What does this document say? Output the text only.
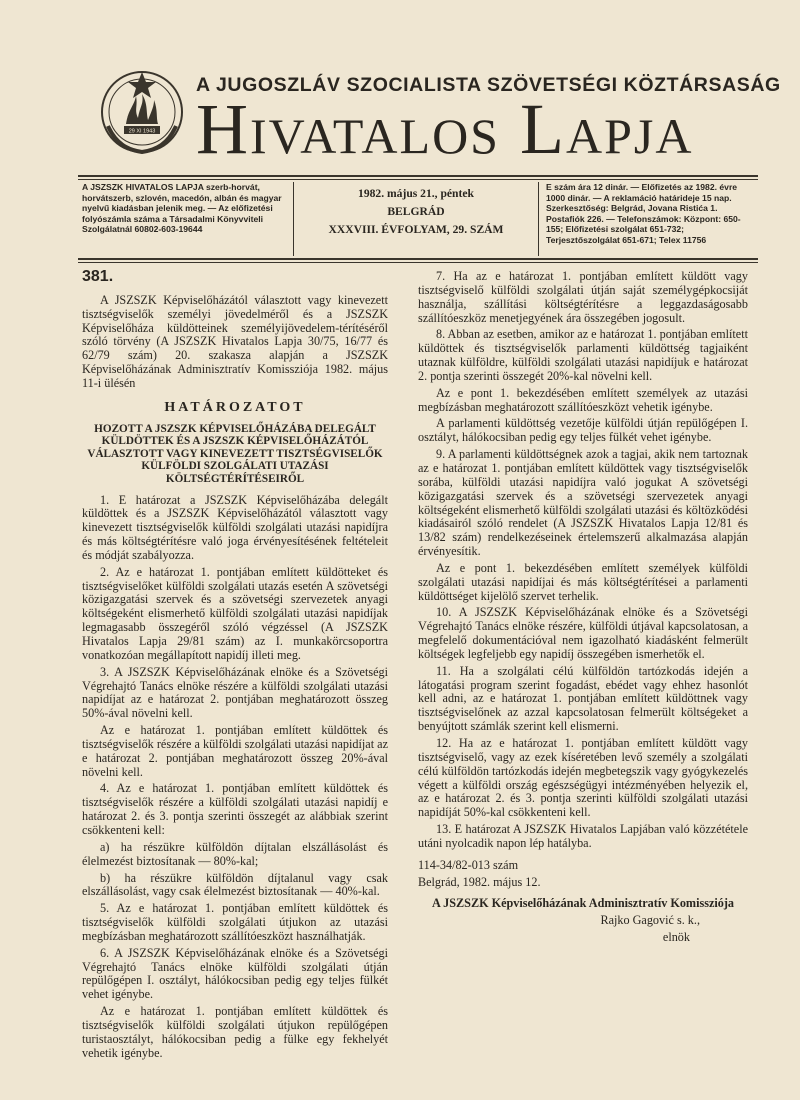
29 XI 1943
A JUGOSZLÁV SZOCIALISTA SZÖVETSÉGI KÖZTÁRSASÁG
Hivatalos Lapja
A JSZSZK HIVATALOS LAPJA szerb-horvát, horvátszerb, szlovén, macedón, albán és magyar nyelvű kiadásban jelenik meg. — Az előfizetési folyószámla száma a Társadalmi Könyvviteli Szolgálatnál 60802-603-19644
1982. május 21., péntek
BELGRÁD
XXXVIII. ÉVFOLYAM, 29. SZÁM
E szám ára 12 dinár. — Előfizetés az 1982. évre 1000 dinár. — A reklamáció határideje 15 nap. Szerkesztőség: Belgrád, Jovana Ristića 1. Postafiók 226. — Telefonszámok: Központ: 650-155; Előfizetési szolgálat 651-732; Terjesztőszolgálat 651-671; Telex 11756

381.

A JSZSZK Képviselőházától választott vagy kinevezett tisztségviselők személyi jövedelméről és a JSZSZK Képviselőháza küldötteinek személyijövedelem-térítéséről szóló törvény (A JSZSZK Hivatalos Lapja 30/75, 16/77 és 62/79 szám) 20. szakasza alapján a JSZSZK Képviselőházának Adminisztratív Komissziója 1982. május 11-i ülésén

HATÁROZATOT

HOZOTT A JSZSZK KÉPVISELŐHÁZÁBA DELEGÁLT KÜLDÖTTEK ÉS A JSZSZK KÉPVISELŐHÁZÁTÓL VÁLASZTOTT VAGY KINEVEZETT TISZTSÉGVISELŐK KÜLFÖLDI SZOLGÁLATI UTAZÁSI KÖLTSÉGTÉRÍTÉSEIRŐL

1. E határozat a JSZSZK Képviselőházába delegált küldöttek és a JSZSZK Képviselőházától választott vagy kinevezett tisztségviselők külföldi szolgálati utazási napidíjra és más költségtérítésre való joga érvényesítésének feltételeit és módját szabályozza.

2. Az e határozat 1. pontjában említett küldötteket és tisztségviselőket külföldi szolgálati utazás esetén A szövetségi közigazgatási szervek és a szövetségi szervezetek anyagi költségeként elismerhető külföldi szolgálati utazási napidíjak legmagasabb összegéről szóló végzéssel (A JSZSZK Hivatalos Lapja 29/81 szám) az I. munkakörcsoportra vonatkozóan megállapított napidíj illeti meg.

3. A JSZSZK Képviselőházának elnöke és a Szövetségi Végrehajtó Tanács elnöke részére a külföldi szolgálati utazási napidíjat az e határozat 2. pontjában meghatározott összeg 50%-ával növelni kell.

Az e határozat 1. pontjában említett küldöttek és tisztségviselők részére a külföldi szolgálati utazási napidíjat az e határozat 2. pontjában meghatározott összeg 20%-ával növelni kell.

4. Az e határozat 1. pontjában említett küldöttek és tisztségviselők részére a külföldi szolgálati utazási napidíj e határozat 2. és 3. pontja szerinti összegét az alábbiak szerint csökkenteni kell:

a) ha részükre külföldön díjtalan elszállásolást és élelmezést biztosítanak — 80%-kal;

b) ha részükre külföldön díjtalanul vagy csak elszállásolást, vagy csak élelmezést biztosítanak — 40%-kal.

5. Az e határozat 1. pontjában említett küldöttek és tisztségviselők külföldi szolgálati útjukon az utazási megbízásban meghatározott szállítóeszközt használhatják.

6. A JSZSZK Képviselőházának elnöke és a Szövetségi Végrehajtó Tanács elnöke külföldi szolgálati útján repülőgépen I. osztályt, hálókocsiban pedig egy teljes fülkét vehet igénybe.

Az e határozat 1. pontjában említett küldöttek és tisztségviselők külföldi szolgálati útjukon repülőgépen turistaosztályt, hálókocsiban pedig a fülke egy fekhelyét vehetik igénybe.

7. Ha az e határozat 1. pontjában említett küldött vagy tisztségviselő külföldi szolgálati útján saját személygépkocsiját használja, szállítási költségtérítésre a leggazdaságosabb szállítóeszköz menetjegyének ára összegében jogosult.

8. Abban az esetben, amikor az e határozat 1. pontjában említett küldöttek és tisztségviselők parlamenti küldöttség tagjaiként utaznak külföldre, külföldi szolgálati utazási napidíjuk e határozat 2. pontja szerinti összegét 20%-kal növelni kell.

Az e pont 1. bekezdésében említett személyek az utazási megbízásban meghatározott szállítóeszközt vehetik igénybe.

A parlamenti küldöttség vezetője külföldi útján repülőgépen I. osztályt, hálókocsiban pedig egy teljes fülkét vehet igénybe.

9. A parlamenti küldöttségnek azok a tagjai, akik nem tartoznak az e határozat 1. pontjában említett küldöttek vagy tisztségviselők sorába, külföldi utazási napidíjra való jogukat A szövetségi közigazgatási szervek és a szövetségi szervezetek anyagi költségeként elismerhető külföldi szolgálati utazási és költözködési kiadásairól szóló rendelet (A JSZSZK Hivatalos Lapja 12/81 és 13/82 szám) rendelkezéseinek értelemszerű alkalmazása alapján érvényesítik.

Az e pont 1. bekezdésében említett személyek külföldi szolgálati utazási napidíjai és más költségtérítései a parlamenti küldöttséget kijelölő szervet terhelik.

10. A JSZSZK Képviselőházának elnöke és a Szövetségi Végrehajtó Tanács elnöke részére, külföldi útjával kapcsolatosan, a megfelelő dokumentációval nem igazolható kiadásként felmerült költségek legfeljebb egy napidíj összegében ismerhetők el.

11. Ha a szolgálati célú külföldön tartózkodás idején a látogatási program szerint fogadást, ebédet vagy ehhez hasonlót kell adni, az e határozat 1. pontjában említett küldöttnek vagy tisztségviselőnek az azzal kapcsolatosan felmerült költségeket a benyújtott számlák szerint kell elismerni.

12. Ha az e határozat 1. pontjában említett küldött vagy tisztségviselő, vagy az ezek kíséretében levő személy a szolgálati célú külföldön tartózkodás idején megbetegszik vagy gyógykezelés végett a külföldi ország egészségügyi intézményében helyezik el, az e határozat 2. és 3. pontja szerinti külföldi szolgálati utazási napidíját 50%-kal csökkenteni kell.

13. E határozat A JSZSZK Hivatalos Lapjában való közzététele utáni nyolcadik napon lép hatályba.

114-34/82-013 szám

Belgrád, 1982. május 12.

A JSZSZK Képviselőházának Adminisztratív Komissziója

Rajko Gagović s. k.,

elnök
